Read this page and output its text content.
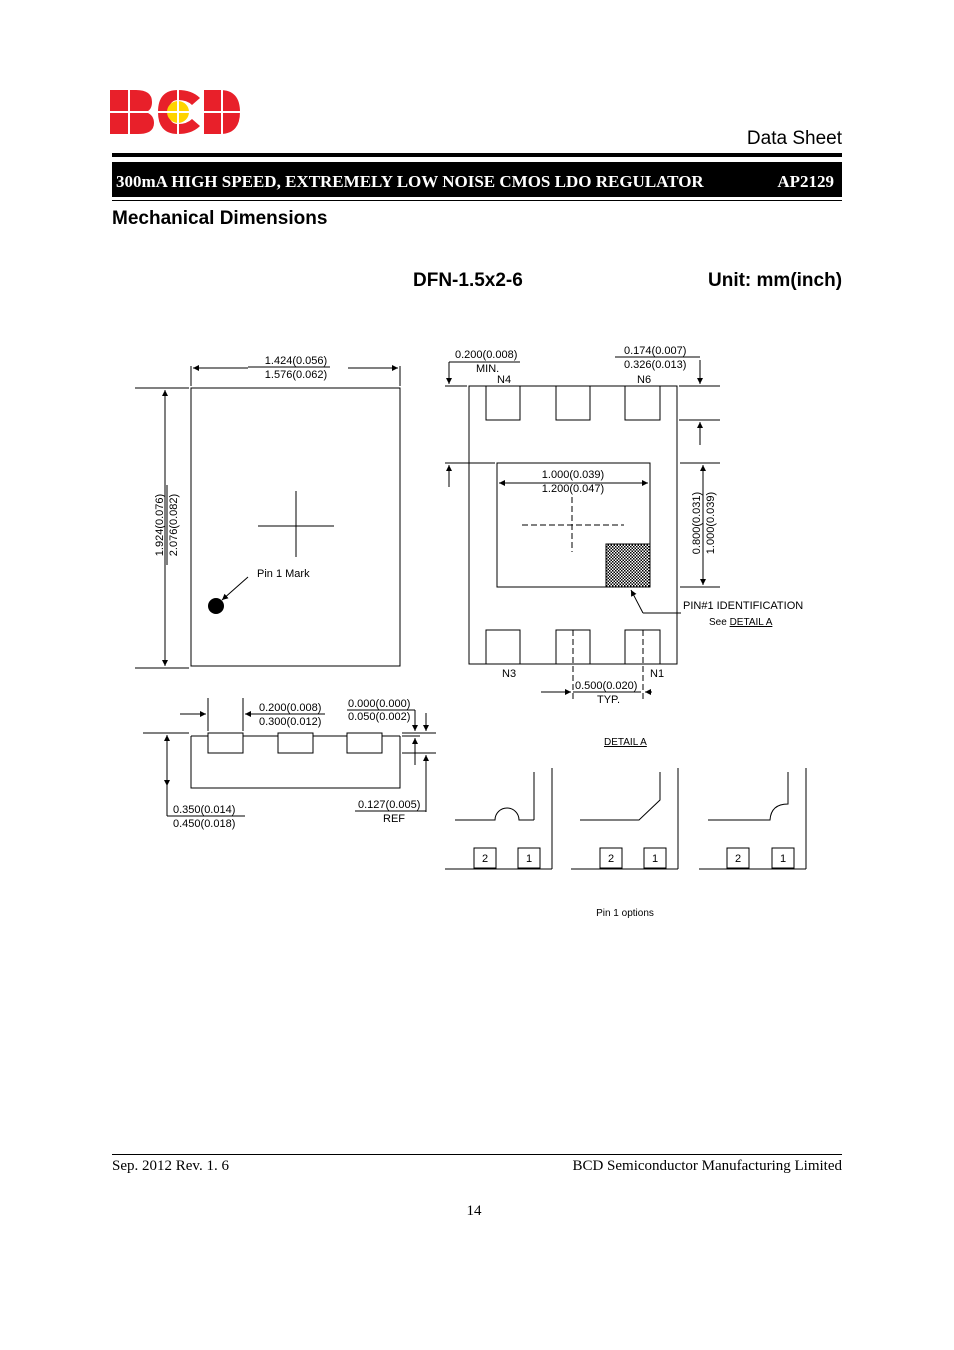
Data Sheet
300mA HIGH SPEED, EXTREMELY LOW NOISE CMOS LDO REGULATOR	AP2129
Mechanical Dimensions
DFN-1.5x2-6	Unit: mm(inch)
1.424(0.056)
1.576(0.062)
1.924(0.076) 2.076(0.082)
Pin 1 Mark
0.200(0.008)
MIN.
N4
0.174(0.007)
0.326(0.013)
N6
1.000(0.039)
1.200(0.047)
0.800(0.031) 1.000(0.039)
PIN#1 IDENTIFICATION
See DETAIL A
N3	N1
0.500(0.020)
TYP.
0.200(0.008)
0.300(0.012)
0.000(0.000)
0.050(0.002)
0.350(0.014)
0.450(0.018)
0.127(0.005)
REF
DETAIL A
2	1	2	1	2	1
Pin 1 options
Sep. 2012 Rev. 1. 6	BCD Semiconductor Manufacturing Limited
14
